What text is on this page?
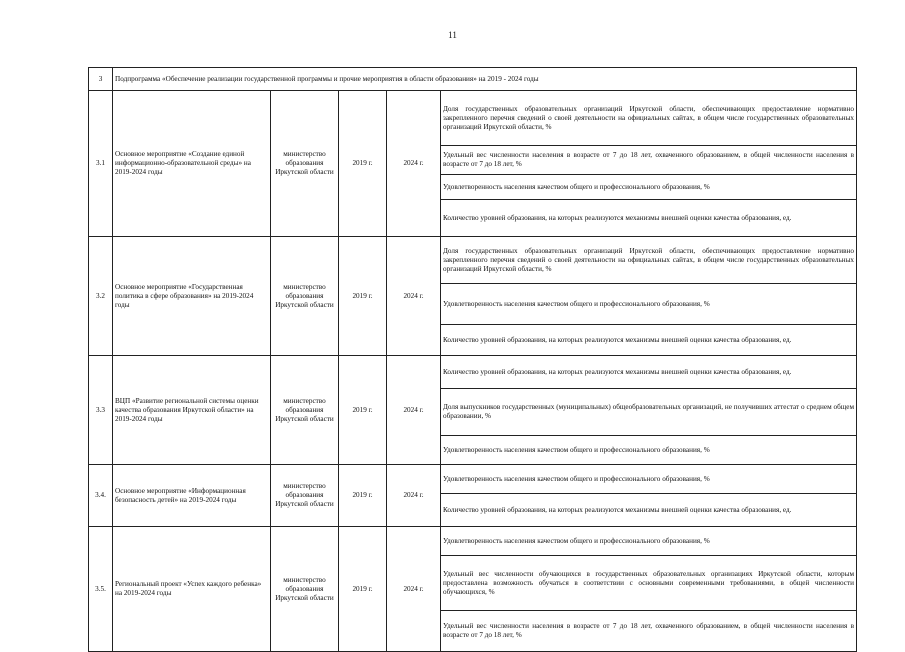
11
3	Подпрограмма «Обеспечение реализации государственной программы и прочие мероприятия в области образования» на 2019 - 2024 годы				
3.1	Основное мероприятие «Создание единой информационно-образовательной среды» на 2019-2024 годы	министерство образования Иркутской области	2019 г.	2024 г.	Доля государственных образовательных организаций Иркутской области, обеспечивающих предоставление нормативно закрепленного перечня сведений о своей деятельности на официальных сайтах, в общем числе государственных образовательных организаций Иркутской области, %
					Удельный вес численности населения в возрасте от 7 до 18 лет, охваченного образованием, в общей численности населения в возрасте от 7 до 18 лет, %
					Удовлетворенность населения качеством общего и профессионального образования, %
					Количество уровней образования, на которых реализуются механизмы внешней оценки качества образования, ед.
3.2	Основное мероприятие «Государственная политика в сфере образования» на 2019-2024 годы	министерство образования Иркутской области	2019 г.	2024 г.	Доля государственных образовательных организаций Иркутской области, обеспечивающих предоставление нормативно закрепленного перечня сведений о своей деятельности на официальных сайтах, в общем числе государственных образовательных организаций Иркутской области, %
					Удовлетворенность населения качеством общего и профессионального образования, %
					Количество уровней образования, на которых реализуются механизмы внешней оценки качества образования, ед.
3.3	ВЦП «Развитие региональной системы оценки качества образования Иркутской области» на 2019-2024 годы	министерство образования Иркутской области	2019 г.	2024 г.	Количество уровней образования, на которых реализуются механизмы внешней оценки качества образования, ед.
					Доля выпускников государственных (муниципальных) общеобразовательных организаций, не получивших аттестат о среднем общем образовании, %
					Удовлетворенность населения качеством общего и профессионального образования, %
3.4.	Основное мероприятие «Информационная безопасность детей» на 2019-2024 годы	министерство образования Иркутской области	2019 г.	2024 г.	Удовлетворенность населения качеством общего и профессионального образования, %
					Количество уровней образования, на которых реализуются механизмы внешней оценки качества образования, ед.
3.5.	Региональный проект «Успех каждого ребенка» на 2019-2024 годы	министерство образования Иркутской области	2019 г.	2024 г.	Удовлетворенность населения качеством общего и профессионального образования, %
					Удельный вес численности обучающихся в государственных образовательных организациях Иркутской области, которым предоставлена возможность обучаться в соответствии с основными современными требованиями, в общей численности обучающихся, %
					Удельный вес численности населения в возрасте от 7 до 18 лет, охваченного образованием, в общей численности населения в возрасте от 7 до 18 лет, %
